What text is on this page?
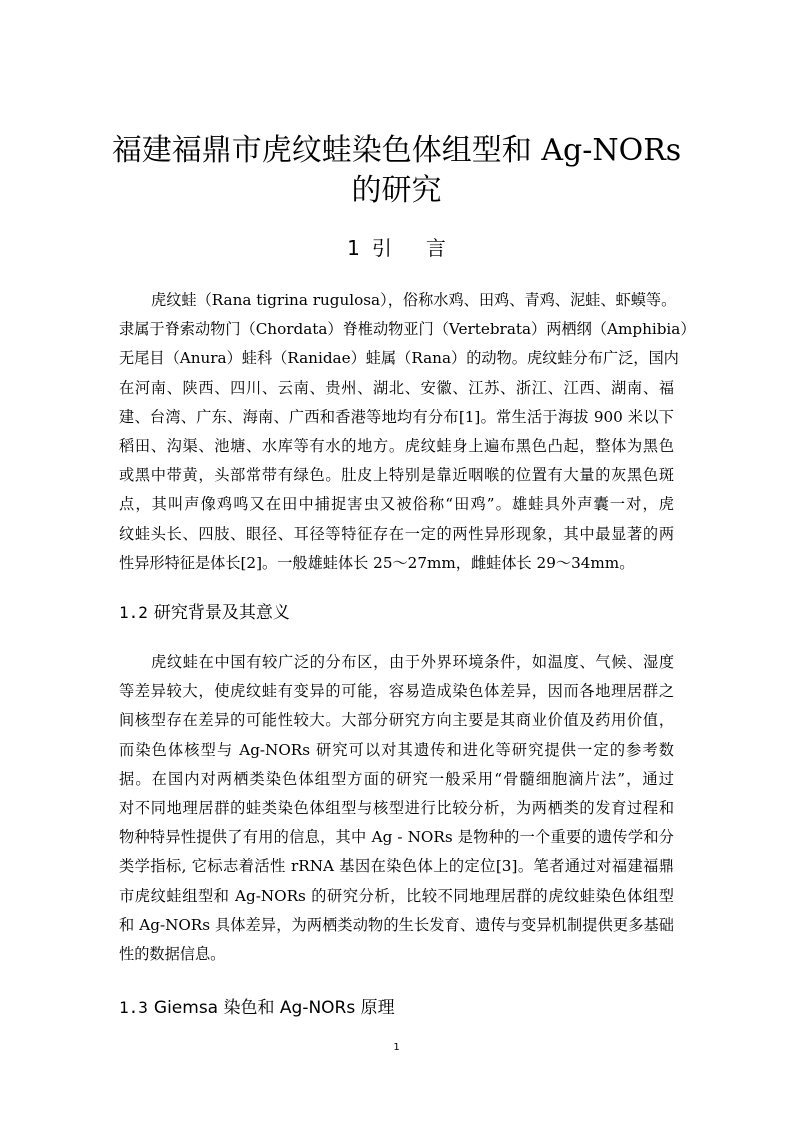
福建福鼎市虎纹蛙染色体组型和 Ag-NORs
的研究
1 引 言
虎纹蛙（Rana tigrina rugulosa），俗称水鸡、田鸡、青鸡、泥蛙、虾蟆等。
隶属于脊索动物门（Chordata）脊椎动物亚门（Vertebrata）两栖纲（Amphibia）
无尾目（Anura）蛙科（Ranidae）蛙属（Rana）的动物。虎纹蛙分布广泛，国内
在河南、陕西、四川、云南、贵州、湖北、安徽、江苏、浙江、江西、湖南、福
建、台湾、广东、海南、广西和香港等地均有分布[1]。常生活于海拔 900 米以下
稻田、沟渠、池塘、水库等有水的地方。虎纹蛙身上遍布黑色凸起，整体为黑色
或黑中带黄，头部常带有绿色。肚皮上特别是靠近咽喉的位置有大量的灰黑色斑
点，其叫声像鸡鸣又在田中捕捉害虫又被俗称“田鸡”。雄蛙具外声囊一对，虎
纹蛙头长、四肢、眼径、耳径等特征存在一定的两性异形现象，其中最显著的两
性异形特征是体长[2]。一般雄蛙体长 25～27mm，雌蛙体长 29～34mm。
1.2 研究背景及其意义
虎纹蛙在中国有较广泛的分布区，由于外界环境条件，如温度、气候、湿度
等差异较大，使虎纹蛙有变异的可能，容易造成染色体差异，因而各地理居群之
间核型存在差异的可能性较大。大部分研究方向主要是其商业价值及药用价值，
而染色体核型与 Ag-NORs 研究可以对其遗传和进化等研究提供一定的参考数
据。在国内对两栖类染色体组型方面的研究一般采用“骨髓细胞滴片法”，通过
对不同地理居群的蛙类染色体组型与核型进行比较分析，为两栖类的发育过程和
物种特异性提供了有用的信息，其中 Ag - NORs 是物种的一个重要的遗传学和分
类学指标, 它标志着活性 rRNA 基因在染色体上的定位[3]。笔者通过对福建福鼎
市虎纹蛙组型和 Ag-NORs 的研究分析，比较不同地理居群的虎纹蛙染色体组型
和 Ag-NORs 具体差异，为两栖类动物的生长发育、遗传与变异机制提供更多基础
性的数据信息。
1.3 Giemsa 染色和 Ag-NORs 原理
1
